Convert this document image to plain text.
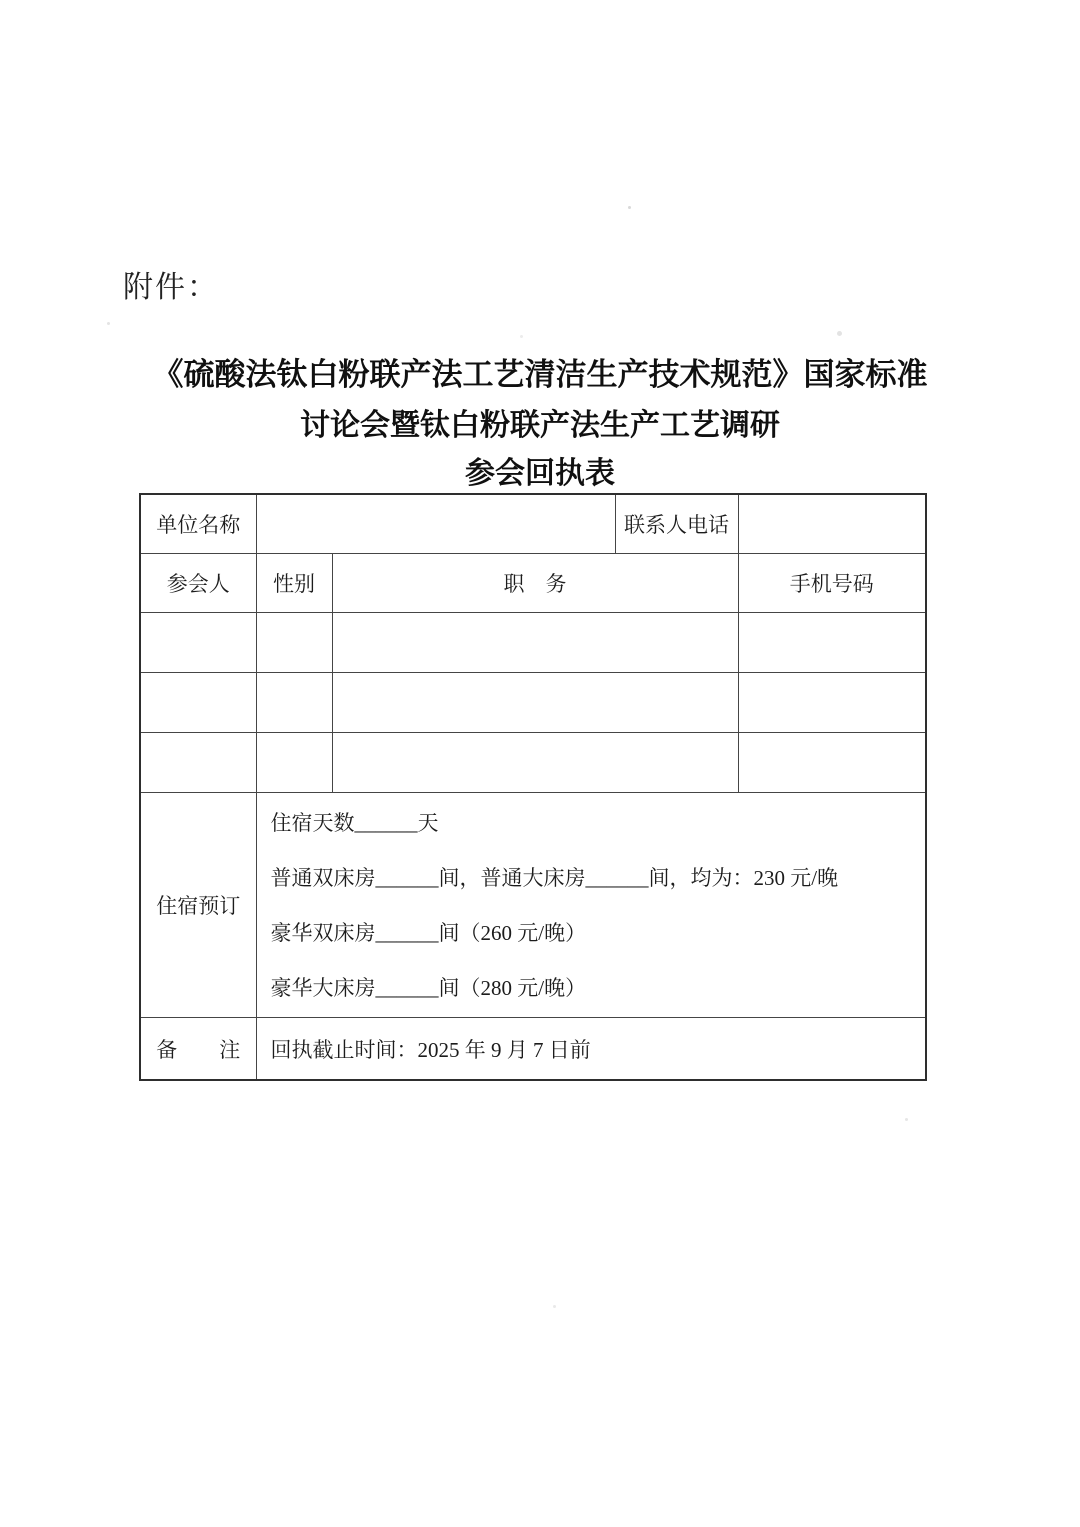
附件：
《硫酸法钛白粉联产法工艺清洁生产技术规范》国家标准
讨论会暨钛白粉联产法生产工艺调研
参会回执表
单位名称			联系人电话	
参会人	性别	职　务		手机号码

住宿预订	住宿天数______天
普通双床房______间，普通大床房______间，均为：230 元/晚
豪华双床房______间（260 元/晚）
豪华大床房______间（280 元/晚）			

备　　注	回执截止时间：2025 年 9 月 7 日前			
